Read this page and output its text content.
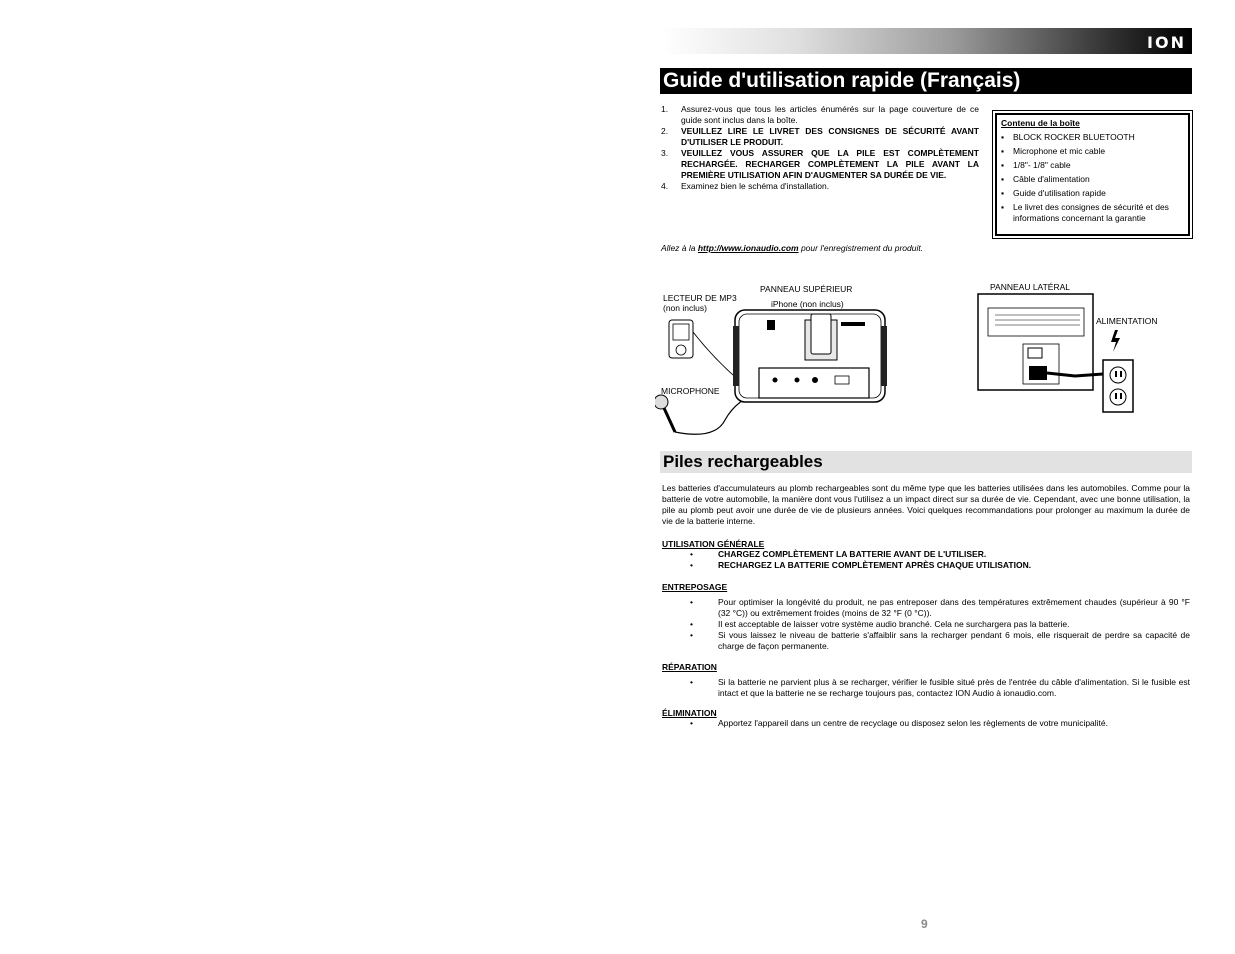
ION
Guide d'utilisation rapide (Français)
1.	Assurez-vous que tous les articles énumérés sur la page couverture de ce guide sont inclus dans la boîte.
2.	VEUILLEZ LIRE LE LIVRET DES CONSIGNES DE SÉCURITÉ AVANT D'UTILISER LE PRODUIT.
3.	VEUILLEZ VOUS ASSURER QUE LA PILE EST COMPLÈTEMENT RECHARGÉE. RECHARGER COMPLÈTEMENT LA PILE AVANT LA PREMIÈRE UTILISATION AFIN D'AUGMENTER SA DURÉE DE VIE.
4.	Examinez bien le schéma d'installation.
Contenu de la boîte
▪	BLOCK ROCKER BLUETOOTH
▪	Microphone et mic cable
▪	1/8"- 1/8" cable
▪	Câble d'alimentation
▪	Guide d'utilisation rapide
▪	Le livret des consignes de sécurité et des informations concernant la garantie
Allez à la http://www.ionaudio.com pour l'enregistrement du produit.
PANNEAU SUPÉRIEUR
iPhone (non inclus)
LECTEUR DE MP3
(non inclus)
MICROPHONE
PANNEAU LATÉRAL
ALIMENTATION
Piles rechargeables
Les batteries d'accumulateurs au plomb rechargeables sont du même type que les batteries utilisées dans les automobiles. Comme pour la batterie de votre automobile, la manière dont vous l'utilisez a un impact direct sur sa durée de vie. Cependant, avec une bonne utilisation, la pile au plomb peut avoir une durée de vie de plusieurs années. Voici quelques recommandations pour prolonger au maximum la durée de vie de la batterie interne.
UTILISATION GÉNÉRALE
•	CHARGEZ COMPLÈTEMENT LA BATTERIE AVANT DE L'UTILISER.
•	RECHARGEZ LA BATTERIE COMPLÈTEMENT APRÈS CHAQUE UTILISATION.
ENTREPOSAGE
•	Pour optimiser la longévité du produit, ne pas entreposer dans des températures extrêmement chaudes (supérieur à 90 °F (32 °C)) ou extrêmement froides (moins de 32 °F (0 °C)).
•	Il est acceptable de laisser votre système audio branché. Cela ne surchargera pas la batterie.
•	Si vous laissez le niveau de batterie s'affaiblir sans la recharger pendant 6 mois, elle risquerait de perdre sa capacité de charge de façon permanente.
RÉPARATION
•	Si la batterie ne parvient plus à se recharger, vérifier le fusible situé près de l'entrée du câble d'alimentation. Si le fusible est intact et que la batterie ne se recharge toujours pas, contactez ION Audio à ionaudio.com.
ÉLIMINATION
•	Apportez l'appareil dans un centre de recyclage ou disposez selon les règlements de votre municipalité.
9
